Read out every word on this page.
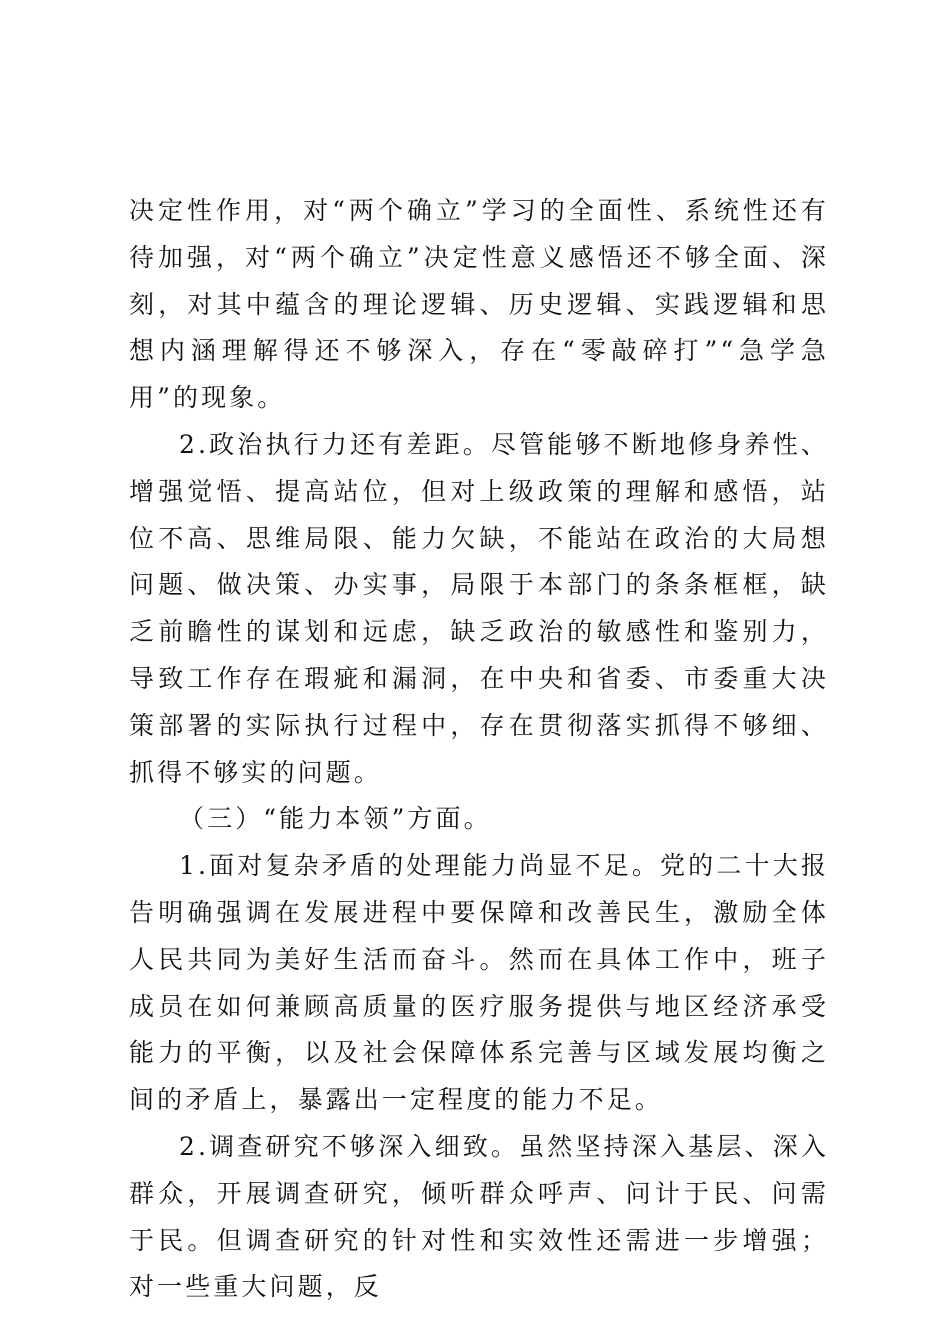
决定性作用，对“两个确立”学习的全面性、系统性还有待加强，对“两个确立”决定性意义感悟还不够全面、深刻，对其中蕴含的理论逻辑、历史逻辑、实践逻辑和思想内涵理解得还不够深入，存在“零敲碎打”“急学急用”的现象。

2.政治执行力还有差距。尽管能够不断地修身养性、增强觉悟、提高站位，但对上级政策的理解和感悟，站位不高、思维局限、能力欠缺，不能站在政治的大局想问题、做决策、办实事，局限于本部门的条条框框，缺乏前瞻性的谋划和远虑，缺乏政治的敏感性和鉴别力，导致工作存在瑕疵和漏洞，在中央和省委、市委重大决策部署的实际执行过程中，存在贯彻落实抓得不够细、抓得不够实的问题。

（三）“能力本领”方面。

1.面对复杂矛盾的处理能力尚显不足。党的二十大报告明确强调在发展进程中要保障和改善民生，激励全体人民共同为美好生活而奋斗。然而在具体工作中，班子成员在如何兼顾高质量的医疗服务提供与地区经济承受能力的平衡，以及社会保障体系完善与区域发展均衡之间的矛盾上，暴露出一定程度的能力不足。

2.调查研究不够深入细致。虽然坚持深入基层、深入群众，开展调查研究，倾听群众呼声、问计于民、问需于民。但调查研究的针对性和实效性还需进一步增强；对一些重大问题，反
